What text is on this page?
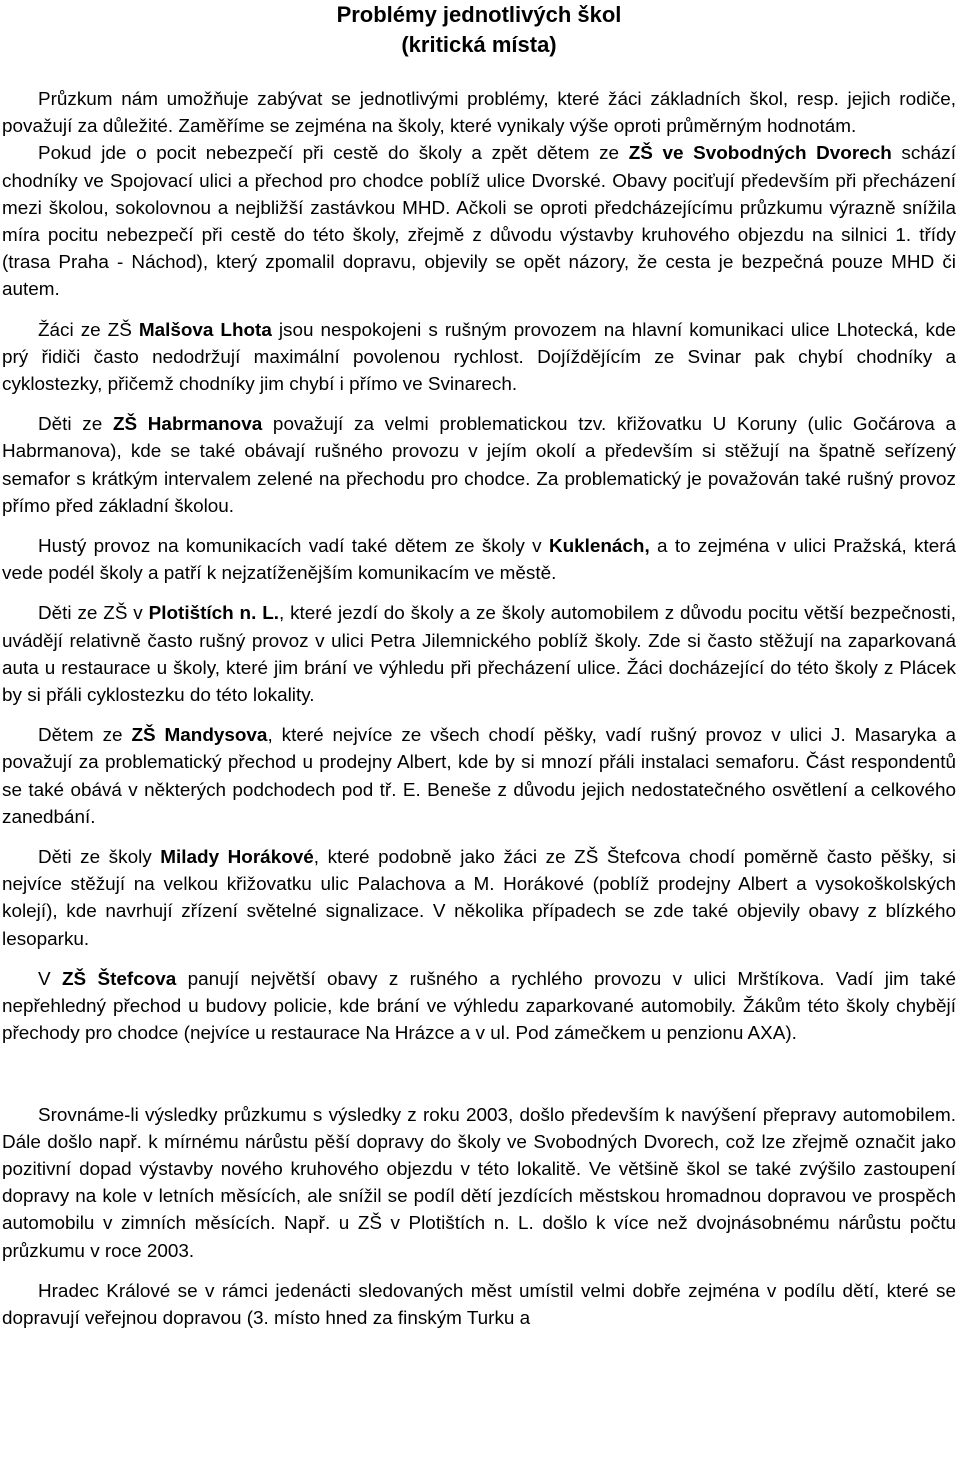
Problémy jednotlivých škol
(kritická místa)

Průzkum nám umožňuje zabývat se jednotlivými problémy, které žáci základních škol, resp. jejich rodiče, považují za důležité. Zaměříme se zejména na školy, které vynikaly výše oproti průměrným hodnotám.

Pokud jde o pocit nebezpečí při cestě do školy a zpět dětem ze ZŠ ve Svobodných Dvorech schází chodníky ve Spojovací ulici a přechod pro chodce poblíž ulice Dvorské. Obavy pociťují především při přecházení mezi školou, sokolovnou a nejbližší zastávkou MHD. Ačkoli se oproti předcházejícímu průzkumu výrazně snížila míra pocitu nebezpečí při cestě do této školy, zřejmě z důvodu výstavby kruhového objezdu na silnici 1. třídy (trasa Praha - Náchod), který zpomalil dopravu, objevily se opět názory, že cesta je bezpečná pouze MHD či autem.

Žáci ze ZŠ Malšova Lhota jsou nespokojeni s rušným provozem na hlavní komunikaci ulice Lhotecká, kde prý řidiči často nedodržují maximální povolenou rychlost. Dojíždějícím ze Svinar pak chybí chodníky a cyklostezky, přičemž chodníky jim chybí i přímo ve Svinarech.

Děti ze ZŠ Habrmanova považují za velmi problematickou tzv. křižovatku U Koruny (ulic Gočárova a Habrmanova), kde se také obávají rušného provozu v jejím okolí a především si stěžují na špatně seřízený semafor s krátkým intervalem zelené na přechodu pro chodce. Za problematický je považován také rušný provoz přímo před základní školou.

Hustý provoz na komunikacích vadí také dětem ze školy v Kuklenách, a to zejména v ulici Pražská, která vede podél školy a patří k nejzatíženějším komunikacím ve městě.

Děti ze ZŠ v Plotištích n. L., které jezdí do školy a ze školy automobilem z důvodu pocitu větší bezpečnosti, uvádějí relativně často rušný provoz v ulici Petra Jilemnického poblíž školy. Zde si často stěžují na zaparkovaná auta u restaurace u školy, které jim brání ve výhledu při přecházení ulice. Žáci docházející do této školy z Plácek by si přáli cyklostezku do této lokality.

Dětem ze ZŠ Mandysova, které nejvíce ze všech chodí pěšky, vadí rušný provoz v ulici J. Masaryka a považují za problematický přechod u prodejny Albert, kde by si mnozí přáli instalaci semaforu. Část respondentů se také obává v některých podchodech pod tř. E. Beneše z důvodu jejich nedostatečného osvětlení a celkového zanedbání.

Děti ze školy Milady Horákové, které podobně jako žáci ze ZŠ Štefcova chodí poměrně často pěšky, si nejvíce stěžují na velkou křižovatku ulic Palachova a M. Horákové (poblíž prodejny Albert a vysokoškolských kolejí), kde navrhují zřízení světelné signalizace. V několika případech se zde také objevily obavy z blízkého lesoparku.

V ZŠ Štefcova panují největší obavy z rušného a rychlého provozu v ulici Mrštíkova. Vadí jim také nepřehledný přechod u budovy policie, kde brání ve výhledu zaparkované automobily. Žákům této školy chybějí přechody pro chodce (nejvíce u restaurace Na Hrázce a v ul. Pod zámečkem u penzionu AXA).

Srovnáme-li výsledky průzkumu s výsledky z roku 2003, došlo především k navýšení přepravy automobilem. Dále došlo např. k mírnému nárůstu pěší dopravy do školy ve Svobodných Dvorech, což lze zřejmě označit jako pozitivní dopad výstavby nového kruhového objezdu v této lokalitě. Ve většině škol se také zvýšilo zastoupení dopravy na kole v letních měsících, ale snížil se podíl dětí jezdících městskou hromadnou dopravou ve prospěch automobilu v zimních měsících. Např. u ZŠ v Plotištích n. L. došlo k více než dvojnásobnému nárůstu počtu průzkumu v roce 2003.

Hradec Králové se v rámci jedenácti sledovaných měst umístil velmi dobře zejména v podílu dětí, které se dopravují veřejnou dopravou (3. místo hned za finským Turku a
